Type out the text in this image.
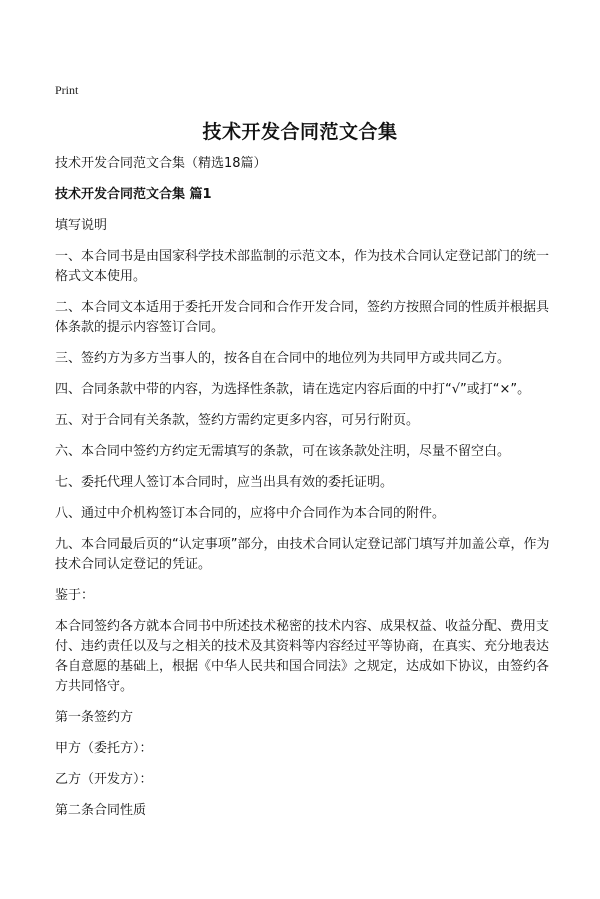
Print
技术开发合同范文合集

技术开发合同范文合集（精选18篇）

技术开发合同范文合集 篇1

填写说明

一、本合同书是由国家科学技术部监制的示范文本，作为技术合同认定登记部门的统一格式文本使用。

二、本合同文本适用于委托开发合同和合作开发合同，签约方按照合同的性质并根据具体条款的提示内容签订合同。

三、签约方为多方当事人的，按各自在合同中的地位列为共同甲方或共同乙方。

四、合同条款中带的内容，为选择性条款，请在选定内容后面的中打“√”或打“×”。

五、对于合同有关条款，签约方需约定更多内容，可另行附页。

六、本合同中签约方约定无需填写的条款，可在该条款处注明，尽量不留空白。

七、委托代理人签订本合同时，应当出具有效的委托证明。

八、通过中介机构签订本合同的，应将中介合同作为本合同的附件。

九、本合同最后页的“认定事项”部分，由技术合同认定登记部门填写并加盖公章，作为技术合同认定登记的凭证。

鉴于：

本合同签约各方就本合同书中所述技术秘密的技术内容、成果权益、收益分配、费用支付、违约责任以及与之相关的技术及其资料等内容经过平等协商，在真实、充分地表达各自意愿的基础上，根据《中华人民共和国合同法》之规定，达成如下协议，由签约各方共同恪守。

第一条签约方

甲方（委托方）：

乙方（开发方）：

第二条合同性质
